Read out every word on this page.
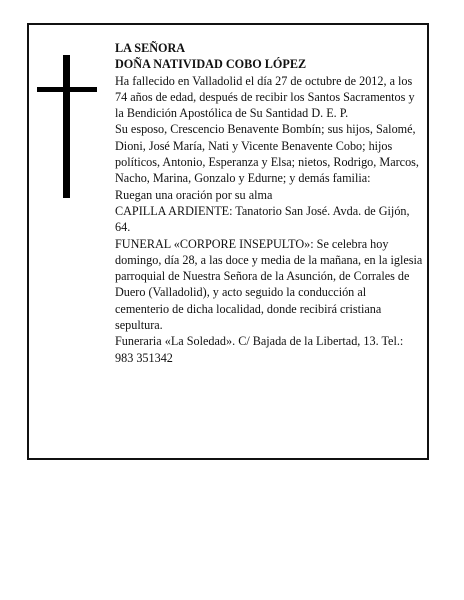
LA SEÑORA

DOÑA NATIVIDAD COBO LÓPEZ

Ha fallecido en Valladolid el día 27 de octubre de 2012, a los 74 años de edad, después de recibir los Santos Sacramentos y la Bendición Apostólica de Su Santidad D. E. P.

Su esposo, Crescencio Benavente Bombín; sus hijos, Salomé, Dioni, José María, Nati y Vicente Benavente Cobo; hijos políticos, Antonio, Esperanza y Elsa; nietos, Rodrigo, Marcos, Nacho, Marina, Gonzalo y Edurne; y demás familia:

Ruegan una oración por su alma

CAPILLA ARDIENTE: Tanatorio San José. Avda. de Gijón, 64.

FUNERAL «CORPORE INSEPULTO»: Se celebra hoy domingo, día 28, a las doce y media de la mañana, en la iglesia parroquial de Nuestra Señora de la Asunción, de Corrales de Duero (Valladolid), y acto seguido la conducción al cementerio de dicha localidad, donde recibirá cristiana sepultura.

Funeraria «La Soledad». C/ Bajada de la Libertad, 13. Tel.: 983 351342
